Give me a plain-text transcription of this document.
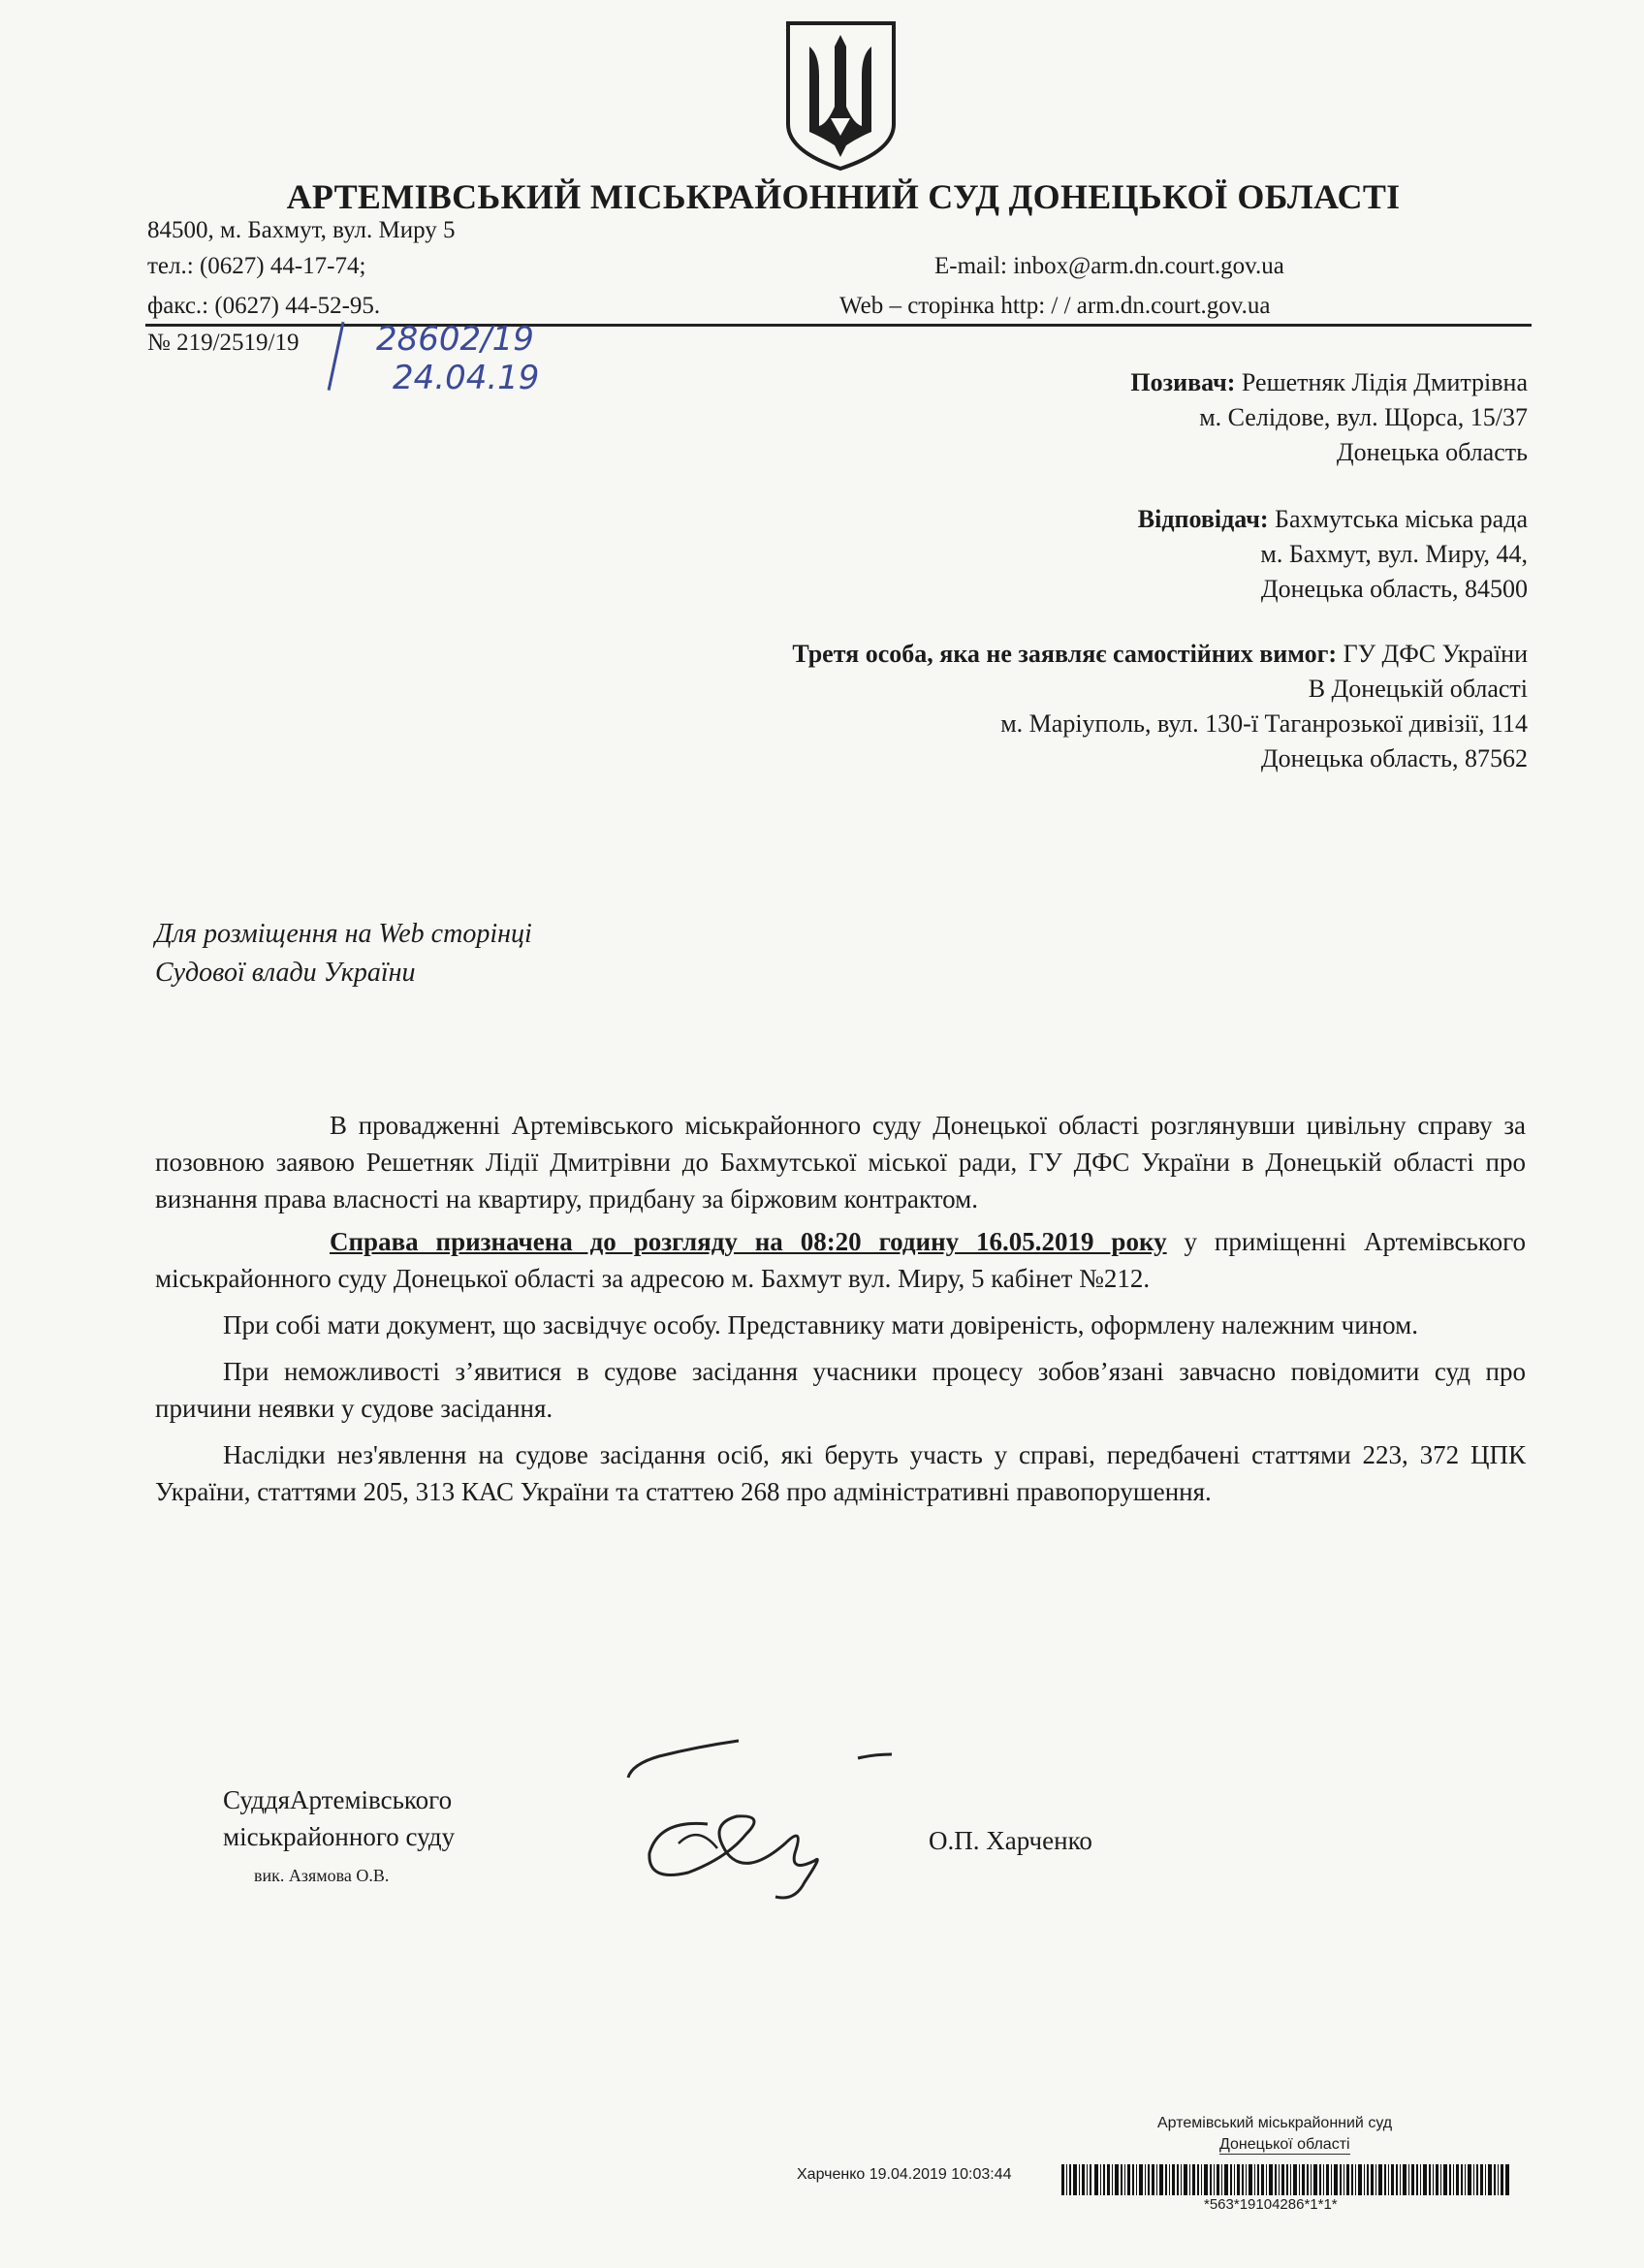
АРТЕМІВСЬКИЙ МІСЬКРАЙОННИЙ СУД ДОНЕЦЬКОЇ ОБЛАСТІ
84500, м. Бахмут, вул. Миру 5
тел.: (0627) 44-17-74;
факс.: (0627) 44-52-95.
E-mail: inbox@arm.dn.court.gov.ua
Web – сторінка http: / / arm.dn.court.gov.ua
№ 219/2519/19 28602/19
24.04.19	Позивач: Решетняк Лідія Дмитрівна
м. Селідове, вул. Щорса, 15/37
Донецька область
Відповідач: Бахмутська міська рада
м. Бахмут, вул. Миру, 44,
Донецька область, 84500
Третя особа, яка не заявляє самостійних вимог: ГУ ДФС України
В Донецькій області
м. Маріуполь, вул. 130-ї Таганрозької дивізії, 114
Донецька область, 87562
Для розміщення на Web сторінці
Судової влади України

В провадженні Артемівського міськрайонного суду Донецької області розглянувши цивільну справу за позовною заявою Решетняк Лідії Дмитрівни до Бахмутської міської ради, ГУ ДФС України в Донецькій області про визнання права власності на квартиру, придбану за біржовим контрактом.

Справа призначена до розгляду на 08:20 годину 16.05.2019 року у приміщенні Артемівського міськрайонного суду Донецької області за адресою м. Бахмут вул. Миру, 5 кабінет №212.

При собі мати документ, що засвідчує особу. Представнику мати довіреність, оформлену належним чином.

При неможливості з’явитися в судове засідання учасники процесу зобов’язані завчасно повідомити суд про причини неявки у судове засідання.

Наслідки нез'явлення на судове засідання осіб, які беруть участь у справі, передбачені статтями 223, 372 ЦПК України, статтями 205, 313 КАС України та статтею 268 про адміністративні правопорушення.

СуддяАртемівського
міськрайонного суду
вик. Азямова О.В.
О.П. Харченко
Артемівський міськрайонний суд
Донецької області
Харченко 19.04.2019 10:03:44
*563*19104286*1*1*
